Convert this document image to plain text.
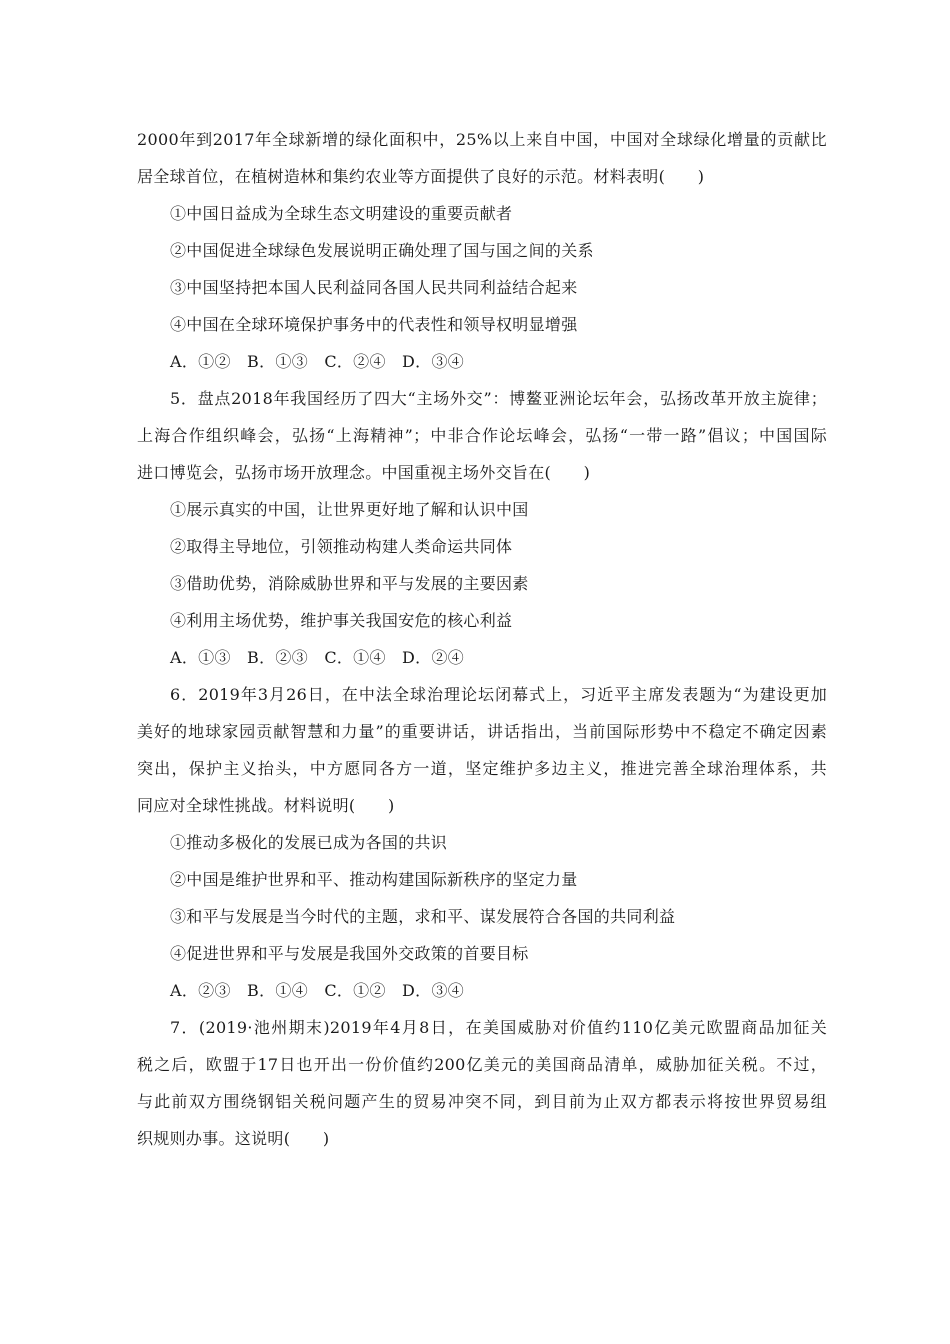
2000年到2017年全球新增的绿化面积中，25%以上来自中国，中国对全球绿化增量的贡献比
居全球首位，在植树造林和集约农业等方面提供了良好的示范。材料表明(　　)
①中国日益成为全球生态文明建设的重要贡献者
②中国促进全球绿色发展说明正确处理了国与国之间的关系
③中国坚持把本国人民利益同各国人民共同利益结合起来
④中国在全球环境保护事务中的代表性和领导权明显增强
A．①②　B．①③　C．②④　D．③④
5．盘点2018年我国经历了四大“主场外交”：博鳌亚洲论坛年会，弘扬改革开放主旋律；
上海合作组织峰会，弘扬“上海精神”；中非合作论坛峰会，弘扬“一带一路”倡议；中国国际
进口博览会，弘扬市场开放理念。中国重视主场外交旨在(　　)
①展示真实的中国，让世界更好地了解和认识中国
②取得主导地位，引领推动构建人类命运共同体
③借助优势，消除威胁世界和平与发展的主要因素
④利用主场优势，维护事关我国安危的核心利益
A．①③　B．②③　C．①④　D．②④
6．2019年3月26日，在中法全球治理论坛闭幕式上，习近平主席发表题为“为建设更加
美好的地球家园贡献智慧和力量”的重要讲话，讲话指出，当前国际形势中不稳定不确定因素
突出，保护主义抬头，中方愿同各方一道，坚定维护多边主义，推进完善全球治理体系，共
同应对全球性挑战。材料说明(　　)
①推动多极化的发展已成为各国的共识
②中国是维护世界和平、推动构建国际新秩序的坚定力量
③和平与发展是当今时代的主题，求和平、谋发展符合各国的共同利益
④促进世界和平与发展是我国外交政策的首要目标
A．②③　B．①④　C．①②　D．③④
7．(2019·池州期末)2019年4月8日，在美国威胁对价值约110亿美元欧盟商品加征关
税之后，欧盟于17日也开出一份价值约200亿美元的美国商品清单，威胁加征关税。不过，
与此前双方围绕钢铝关税问题产生的贸易冲突不同，到目前为止双方都表示将按世界贸易组
织规则办事。这说明(　　)
